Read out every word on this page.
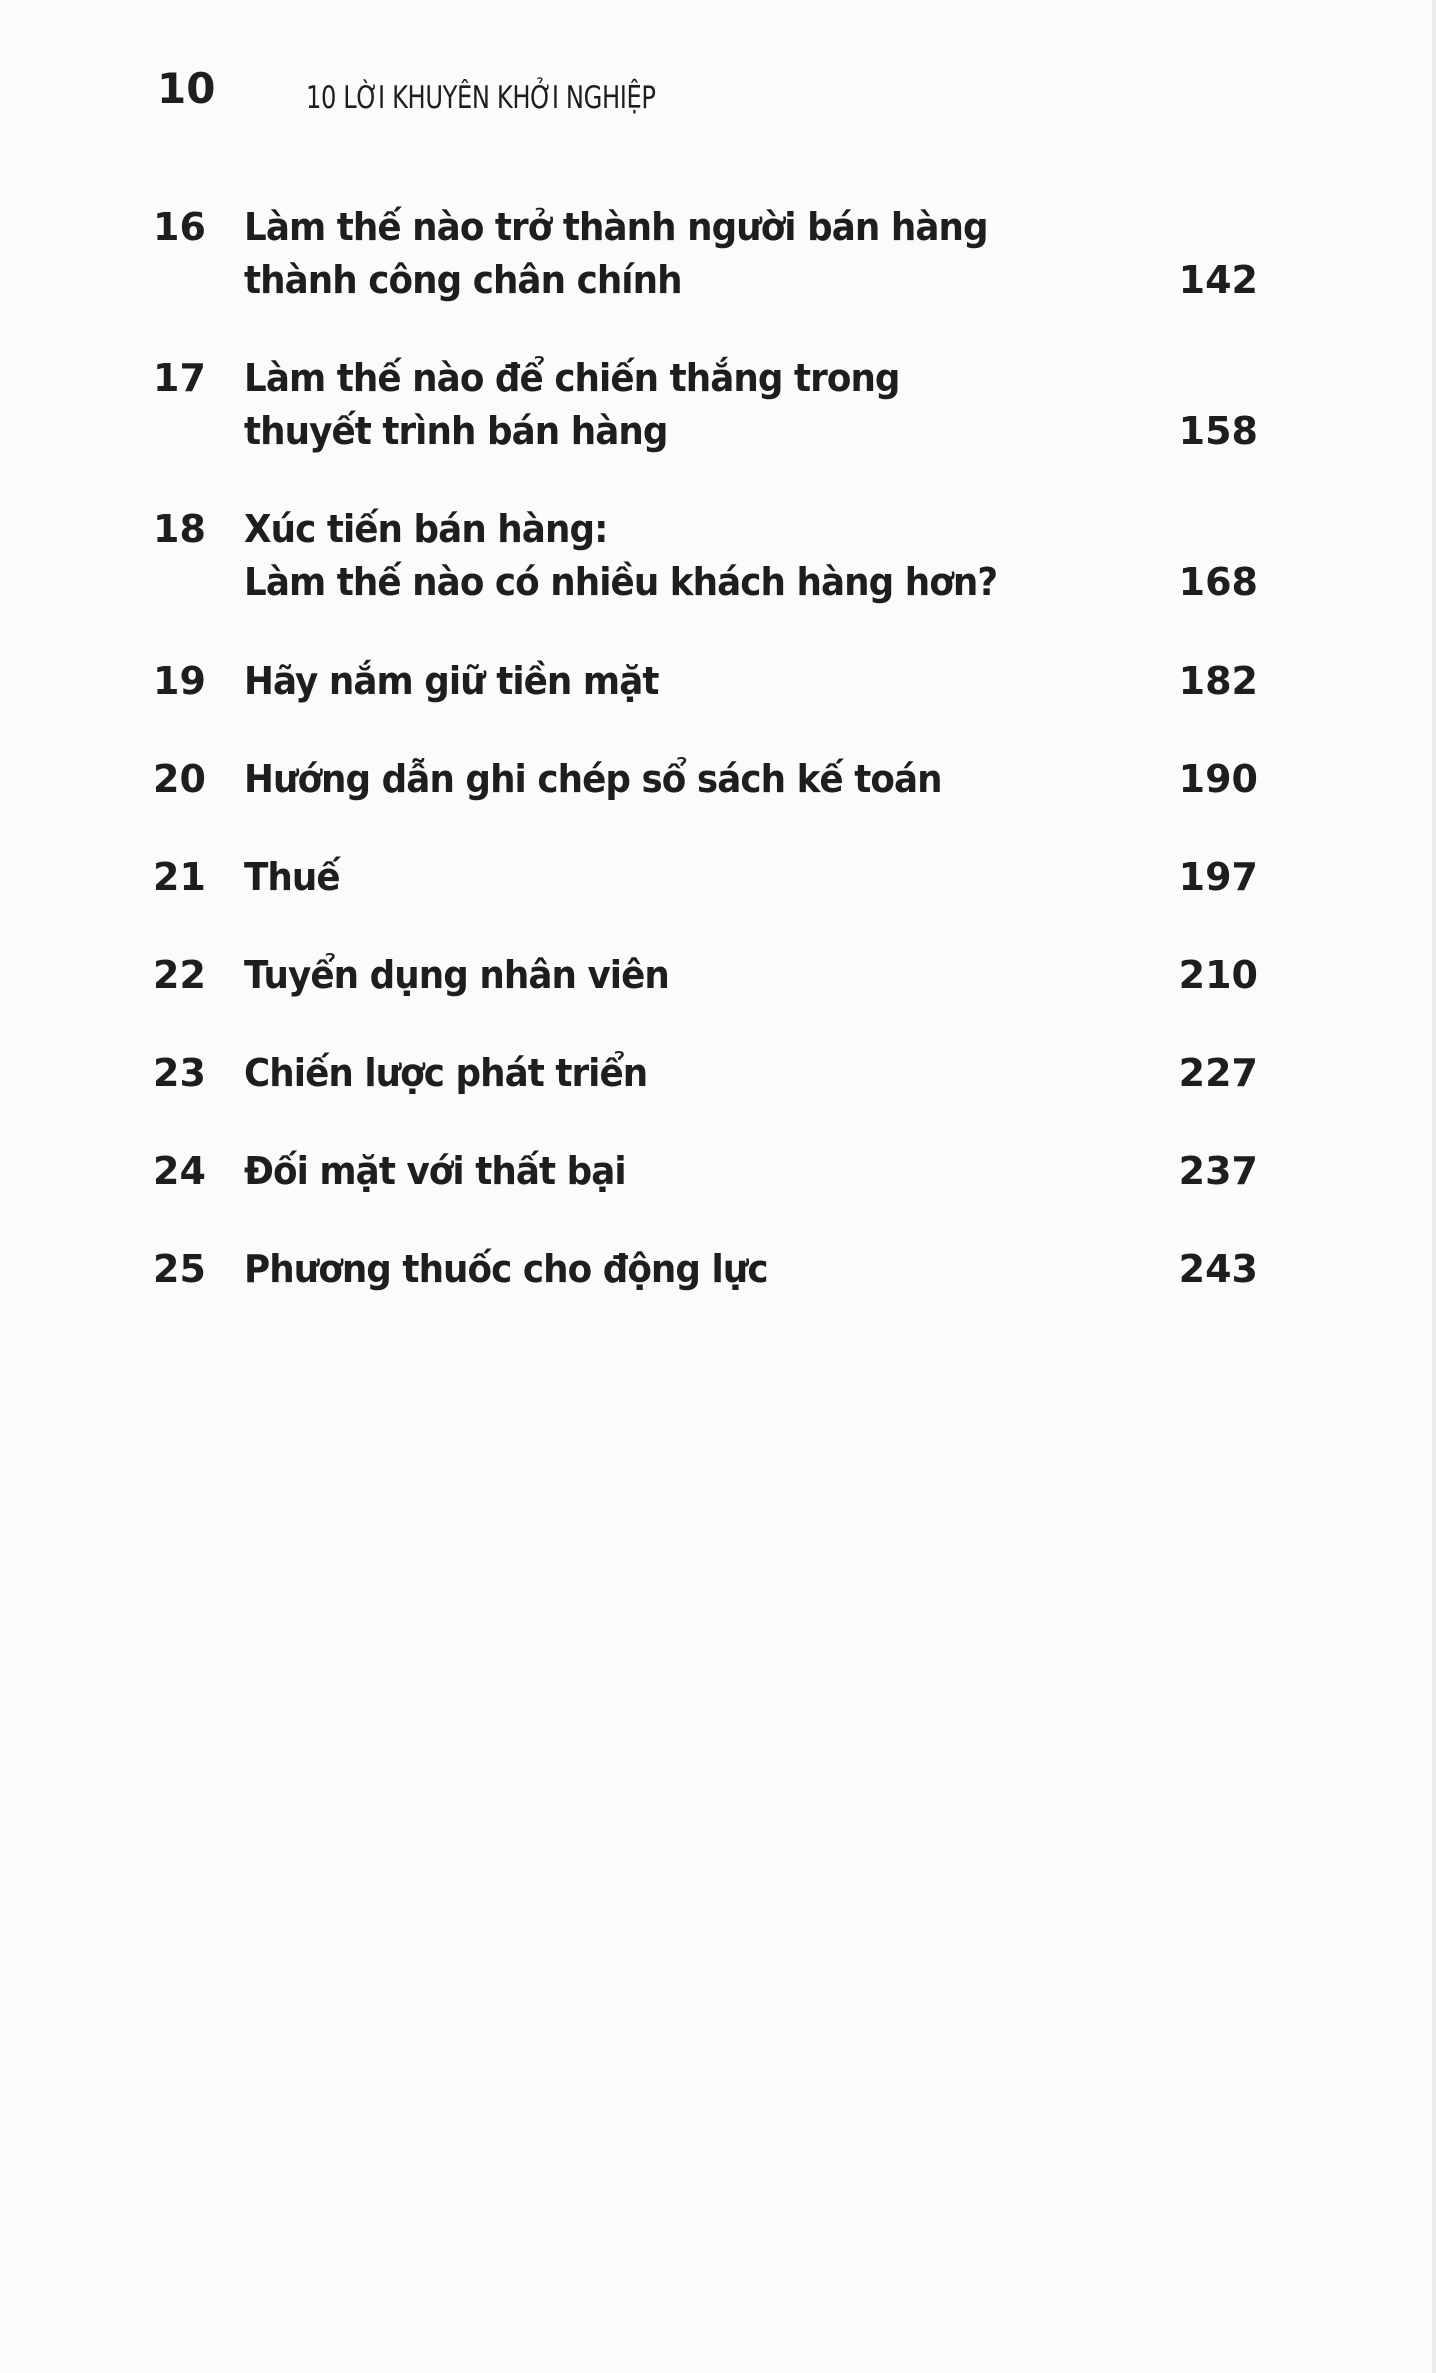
10	10 LỜI KHUYÊN KHỞI NGHIỆP
16 Làm thế nào trở thành người bán hàng
thành công chân chính	142
17 Làm thế nào để chiến thắng trong
thuyết trình bán hàng	158
18 Xúc tiến bán hàng:
Làm thế nào có nhiều khách hàng hơn?	168
19 Hãy nắm giữ tiền mặt	182
20 Hướng dẫn ghi chép sổ sách kế toán	190
21 Thuế	197
22 Tuyển dụng nhân viên	210
23 Chiến lược phát triển	227
24 Đối mặt với thất bại	237
25 Phương thuốc cho động lực	243
